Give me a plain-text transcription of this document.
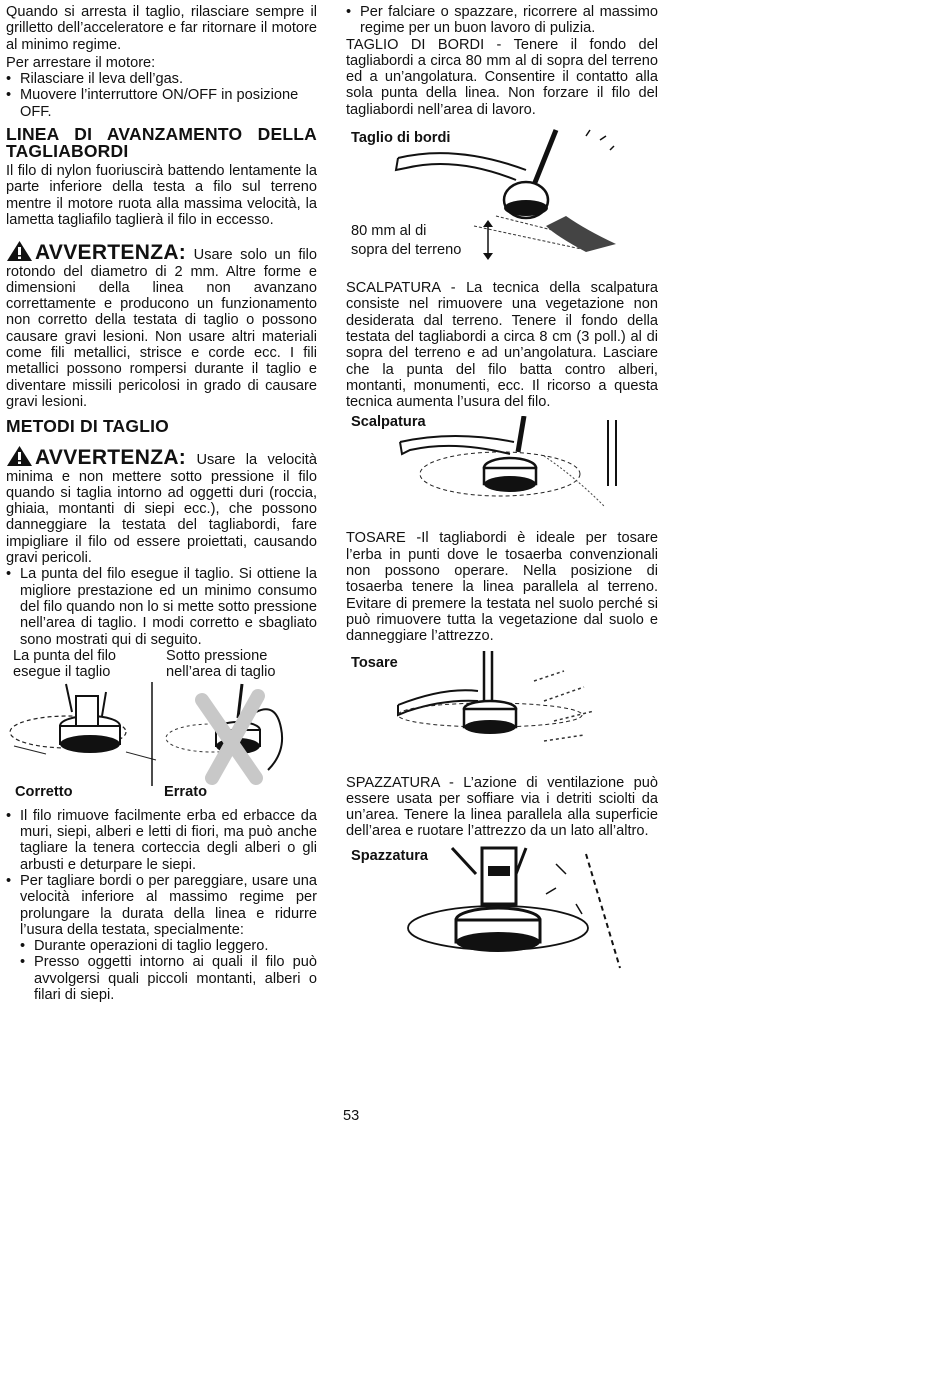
Quando si arresta il taglio, rilasciare sempre il grilletto dell’acceleratore e far ritornare il motore al minimo regime.

Per arrestare il motore:

• Rilasciare il leva dell’gas.
• Muovere l’interruttore ON/OFF in posizione OFF.

LINEA DI AVANZAMENTO DELLA TAGLIABORDI

Il filo di nylon fuoriuscirà battendo lentamente la parte inferiore della testa a filo sul terreno mentre il motore ruota alla massima velocità, la lametta tagliafilo taglierà il filo in eccesso.

AVVERTENZA: Usare solo un filo rotondo del diametro di 2 mm. Altre forme e dimensioni della linea non avanzano correttamente e producono un funzionamento non corretto della testata di taglio o possono causare gravi lesioni. Non usare altri materiali come fili metallici, strisce e corde ecc. I fili metallici possono rompersi durante il taglio e diventare missili pericolosi in grado di causare gravi lesioni.

METODI DI TAGLIO

AVVERTENZA: Usare la velocità minima e non mettere sotto pressione il filo quando si taglia intorno ad oggetti duri (roccia, ghiaia, montanti di siepi ecc.), che possono danneggiare la testata del tagliabordi, fare impigliare il filo od essere proiettati, causando gravi pericoli.

• La punta del filo esegue il taglio. Si ottiene la migliore prestazione ed un minimo consumo del filo quando non lo si mette sotto pressione nell’area di taglio. I modi corretto e sbagliato sono mostrati qui di seguito.
La punta del filo
esegue il taglio
Sotto pressione
nell’area di taglio
Corretto	Errato
• Il filo rimuove facilmente erba ed erbacce da muri, siepi, alberi e letti di fiori, ma può anche tagliare la tenera corteccia degli alberi o gli arbusti e deturpare le siepi.
• Per tagliare bordi o per pareggiare, usare una velocità inferiore al massimo regime per prolungare la durata della linea e ridurre l’usura della testata, specialmente:
• Durante operazioni di taglio leggero.
• Presso oggetti intorno ai quali il filo può avvolgersi quali piccoli montanti, alberi o filari di siepi.
• Per falciare o spazzare, ricorrere al massimo regime per un buon lavoro di pulizia.

TAGLIO DI BORDI - Tenere il fondo del tagliabordi a circa 80 mm al di sopra del terreno ed a un’angolatura. Consentire il contatto alla sola punta della linea. Non forzare il filo del tagliabordi nell’area di lavoro.

Taglio di bordi
80 mm al di
sopra del terreno

SCALPATURA - La tecnica della scalpatura consiste nel rimuovere una vegetazione non desiderata dal terreno. Tenere il fondo della testata del tagliabordi a circa 8 cm (3 poll.) al di sopra del terreno e ad un’angolatura. Lasciare che la punta del filo batta contro alberi, montanti, monumenti, ecc. Il ricorso a questa tecnica aumenta l’usura del filo.

Scalpatura

TOSARE -Il tagliabordi è ideale per tosare l’erba in punti dove le tosaerba convenzionali non possono operare. Nella posizione di tosaerba tenere la linea parallela al terreno. Evitare di premere la testata nel suolo perché si può rimuovere tutta la vegetazione dal suolo e danneggiare l’attrezzo.

Tosare

SPAZZATURA - L’azione di ventilazione può essere usata per soffiare via i detriti sciolti da un’area. Tenere la linea parallela alla superficie dell’area e ruotare l’attrezzo da un lato all’altro.

Spazzatura
53
